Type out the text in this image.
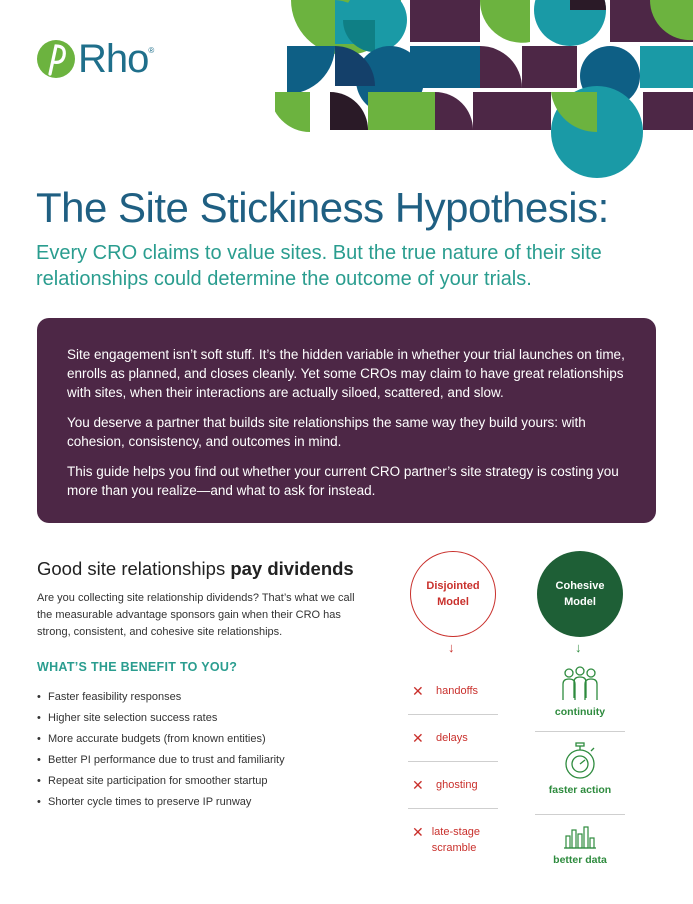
Rho ®
The Site Stickiness Hypothesis:

Every CRO claims to value sites. But the true nature of their site relationships could determine the outcome of your trials.

Site engagement isn’t soft stuff. It’s the hidden variable in whether your trial launches on time, enrolls as planned, and closes cleanly. Yet some CROs may claim to have great relationships with sites, when their interactions are actually siloed, scattered, and slow.

You deserve a partner that builds site relationships the same way they build yours: with cohesion, consistency, and outcomes in mind.

This guide helps you find out whether your current CRO partner’s site strategy is costing you more than you realize—and what to ask for instead.

Good site relationships pay dividends

Are you collecting site relationship dividends? That’s what we call the measurable advantage sponsors gain when their CRO has strong, consistent, and cohesive site relationships.

WHAT’S THE BENEFIT TO YOU?
• Faster feasibility responses
• Higher site selection success rates
• More accurate budgets (from known entities)
• Better PI performance due to trust and familiarity
• Repeat site participation for smoother startup
• Shorter cycle times to preserve IP runway
Disjointed
Model
↓
✕	handoffs
✕	delays
✕	ghosting
✕ late-stage scramble
Cohesive
Model
↓
continuity
faster action
better data
